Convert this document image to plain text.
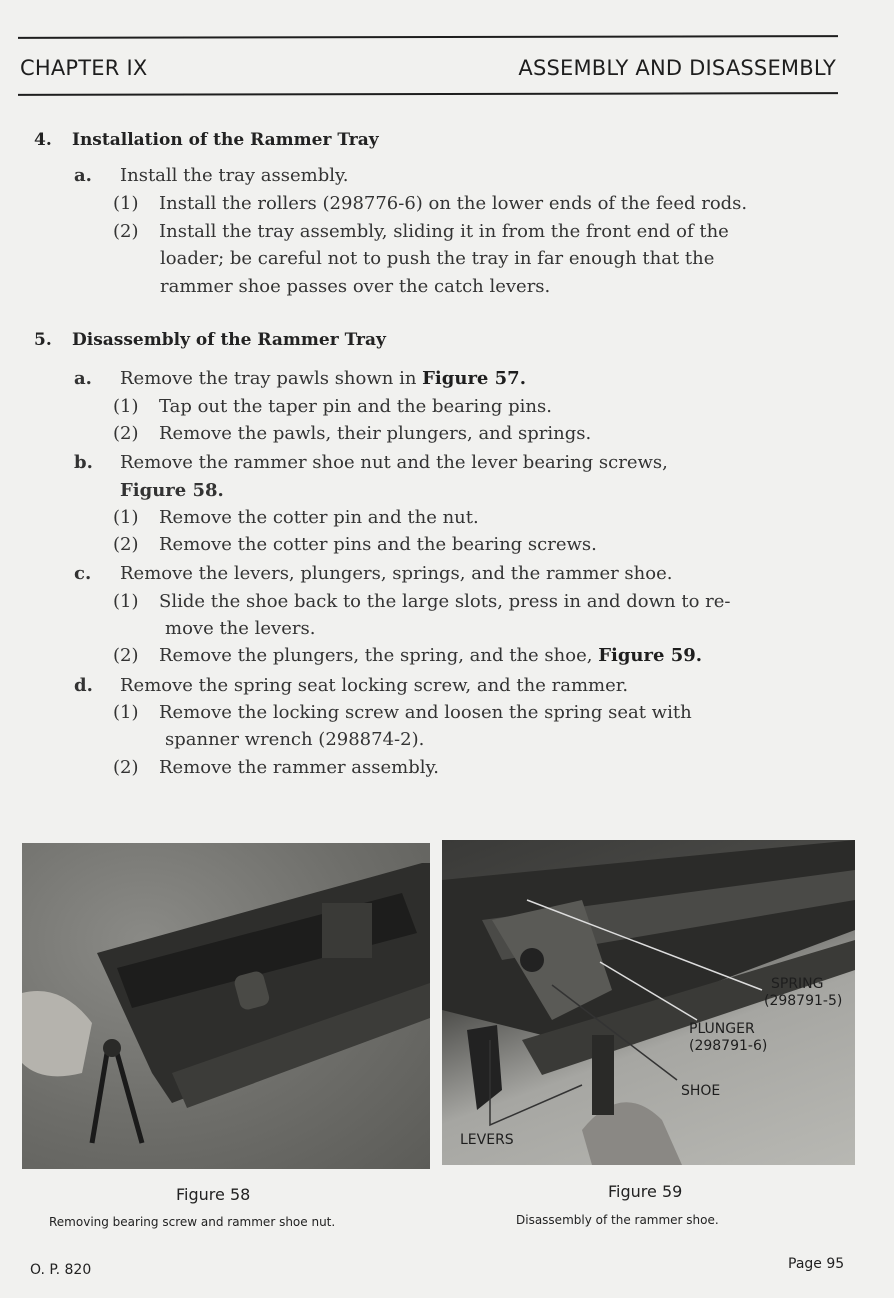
CHAPTER IX	ASSEMBLY AND DISASSEMBLY
4. Installation of the Rammer Tray
a. Install the tray assembly.
(1) Install the rollers (298776-6) on the lower ends of the feed rods.
(2) Install the tray assembly, sliding it in from the front end of the
loader; be careful not to push the tray in far enough that the
rammer shoe passes over the catch levers.
5. Disassembly of the Rammer Tray
a. Remove the tray pawls shown in Figure 57.
(1) Tap out the taper pin and the bearing pins.
(2) Remove the pawls, their plungers, and springs.
b. Remove the rammer shoe nut and the lever bearing screws,
Figure 58.
(1) Remove the cotter pin and the nut.
(2) Remove the cotter pins and the bearing screws.
c. Remove the levers, plungers, springs, and the rammer shoe.
(1) Slide the shoe back to the large slots, press in and down to re-
move the levers.
(2) Remove the plungers, the spring, and the shoe, Figure 59.
d. Remove the spring seat locking screw, and the rammer.
(1) Remove the locking screw and loosen the spring seat with
spanner wrench (298874-2).
(2) Remove the rammer assembly.
SPRING
(298791-5)
PLUNGER
(298791-6)
SHOE
LEVERS
Figure 58
Removing bearing screw and rammer shoe nut.
Figure 59
Disassembly of the rammer shoe.
O. P. 820	Page 95
